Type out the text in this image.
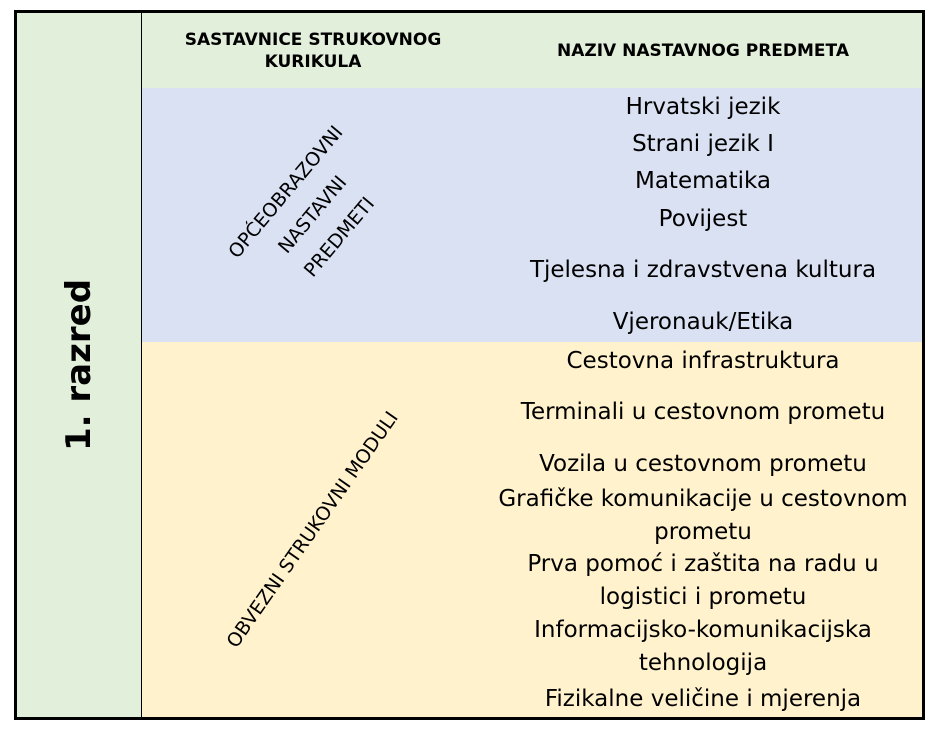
1. razred
SASTAVNICE STRUKOVNOG
KURIKULA
NAZIV NASTAVNOG PREDMETA
OPĆEOBRAZOVNI
NASTAVNI PREDMETI
OBVEZNI STRUKOVNI MODULI
Hrvatski jezik
Strani jezik I
Matematika
Povijest
Tjelesna i zdravstvena kultura
Vjeronauk/Etika
Cestovna infrastruktura
Terminali u cestovnom prometu
Vozila u cestovnom prometu
Grafičke komunikacije u cestovnom prometu
Prva pomoć i zaštita na radu u logistici i prometu
Informacijsko-komunikacijska tehnologija
Fizikalne veličine i mjerenja
